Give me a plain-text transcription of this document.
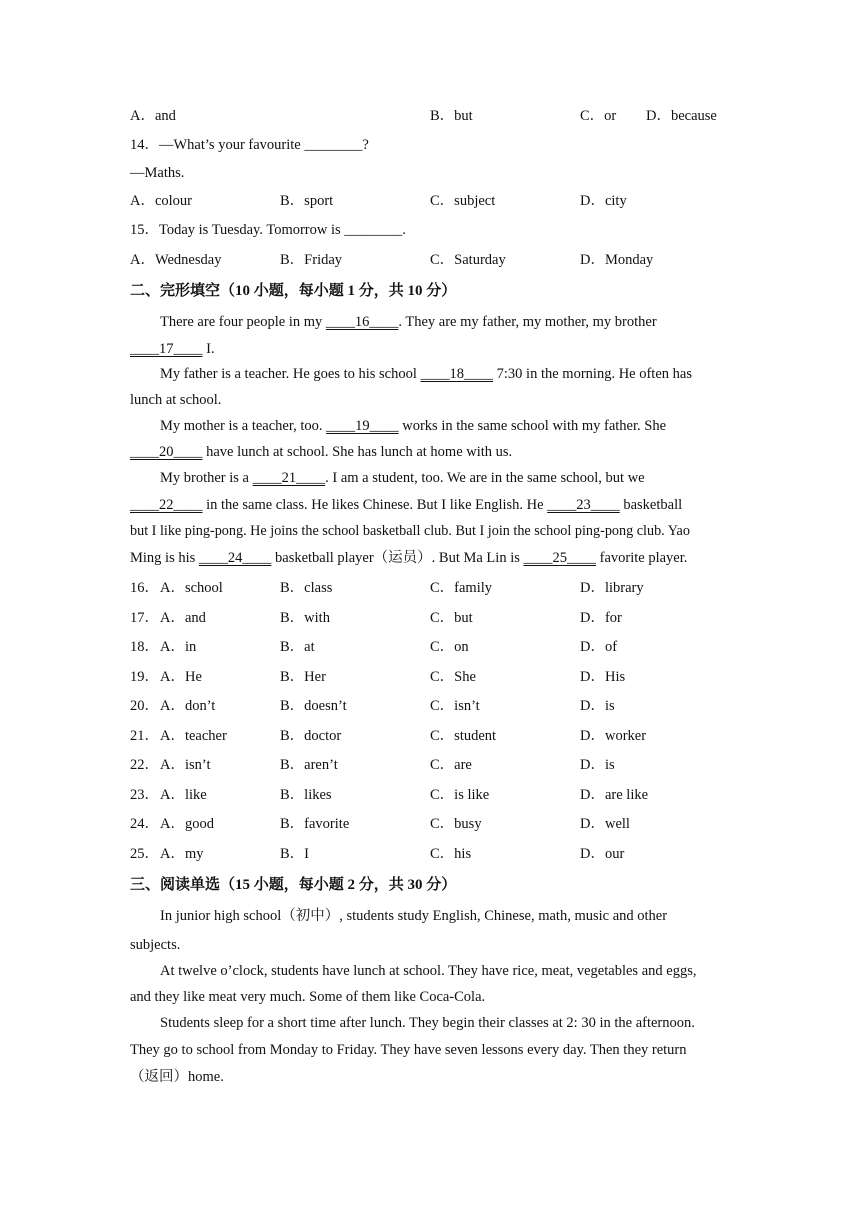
A．and	B．but	C．or D．because
14．—What’s your favourite ________?
—Maths.
A．colour	B．sport	C．subject	D．city
15．Today is Tuesday. Tomorrow is ________.
A．Wednesday	B．Friday	C．Saturday	D．Monday
二、完形填空（10 小题，每小题 1 分，共 10 分）
There are four people in my ____16____. They are my father, my mother, my brother
____17____ I.
My father is a teacher. He goes to his school ____18____ 7:30 in the morning. He often has
lunch at school.
My mother is a teacher, too. ____19____ works in the same school with my father. She
____20____ have lunch at school. She has lunch at home with us.
My brother is a ____21____. I am a student, too. We are in the same school, but we
____22____ in the same class. He likes Chinese. But I like English. He ____23____ basketball
but I like ping-pong. He joins the school basketball club. But I join the school ping-pong club. Yao
Ming is his ____24____ basketball player（运员）. But Ma Lin is ____25____ favorite player.
16． A．school	B．class	C．family	D．library
17． A．and	B．with	C．but	D．for
18． A．in	B．at	C．on	D．of
19． A．He	B．Her	C．She	D．His
20． A．don’t	B．doesn’t	C．isn’t	D．is
21． A．teacher	B．doctor	C．student	D．worker
22． A．isn’t	B．aren’t	C．are	D．is
23． A．like	B．likes	C．is like	D．are like
24． A．good	B．favorite	C．busy	D．well
25． A．my	B．I	C．his	D．our
三、阅读单选（15 小题，每小题 2 分，共 30 分）
In junior high school（初中）, students study English, Chinese, math, music and other
subjects.
At twelve o’clock, students have lunch at school. They have rice, meat, vegetables and eggs,
and they like meat very much. Some of them like Coca-Cola.
Students sleep for a short time after lunch. They begin their classes at 2: 30 in the afternoon.
They go to school from Monday to Friday. They have seven lessons every day. Then they return
（返回）home.
